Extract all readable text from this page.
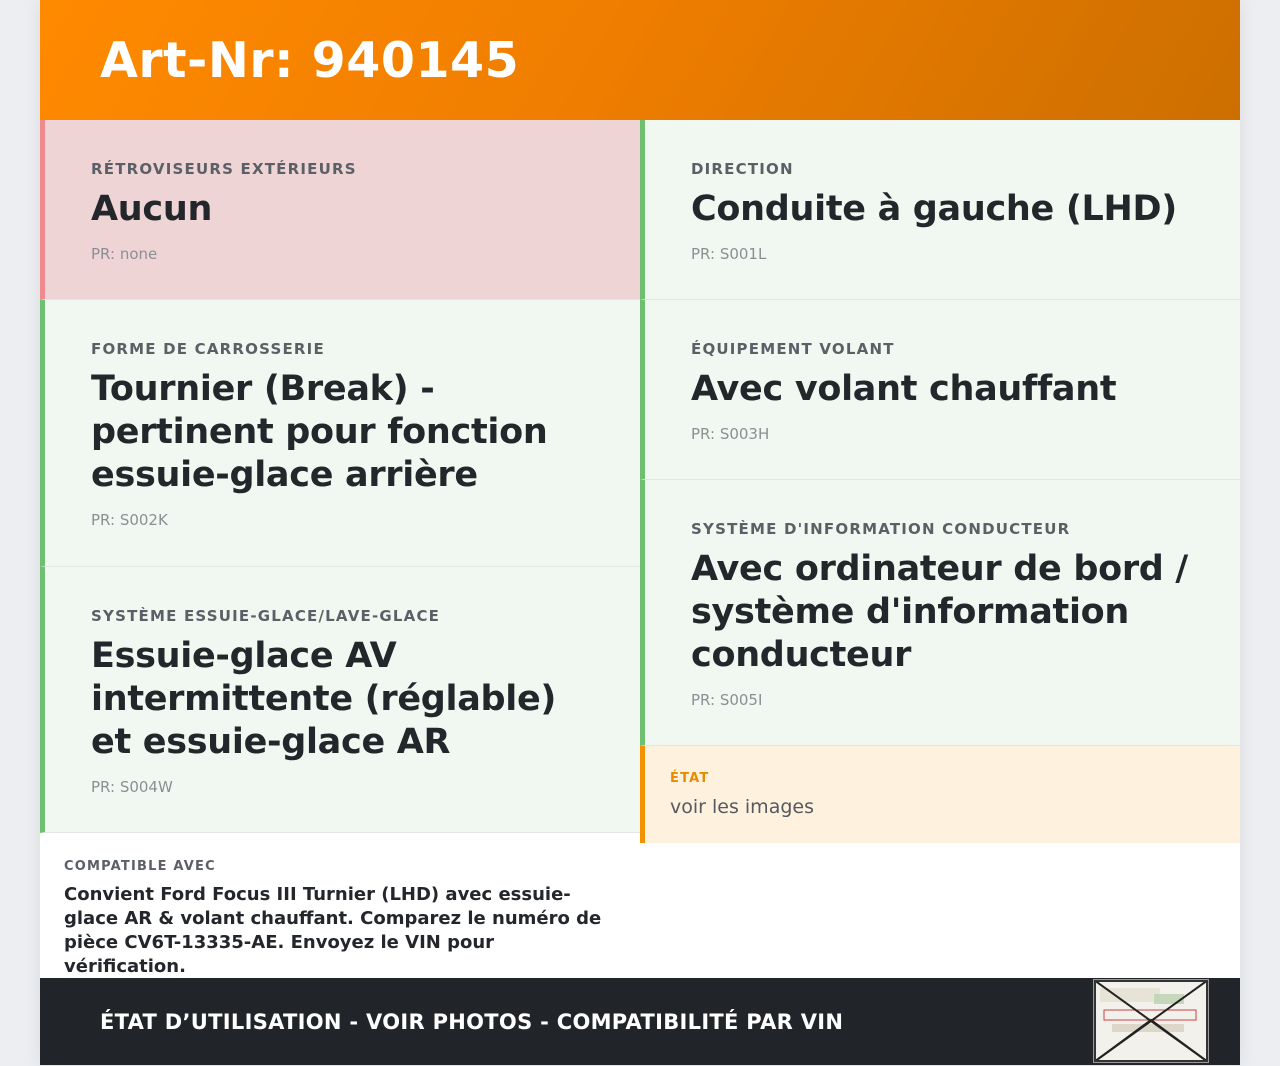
Art-Nr: 940145
RÉTROVISEURS EXTÉRIEURS
Aucun
PR: none
FORME DE CARROSSERIE
Tournier (Break) - pertinent pour fonction essuie-glace arrière
PR: S002K
SYSTÈME ESSUIE-GLACE/LAVE-GLACE
Essuie-glace AV intermittente (réglable) et essuie-glace AR
PR: S004W
COMPATIBLE AVEC
Convient Ford Focus III Turnier (LHD) avec essuie-glace AR & volant chauffant. Comparez le numéro de pièce CV6T-13335-AE. Envoyez le VIN pour vérification.
DIRECTION
Conduite à gauche (LHD)
PR: S001L
ÉQUIPEMENT VOLANT
Avec volant chauffant
PR: S003H
SYSTÈME D'INFORMATION CONDUCTEUR
Avec ordinateur de bord / système d'information conducteur
PR: S005I
ÉTAT
voir les images
ÉTAT D’UTILISATION - VOIR PHOTOS - COMPATIBILITÉ PAR VIN
